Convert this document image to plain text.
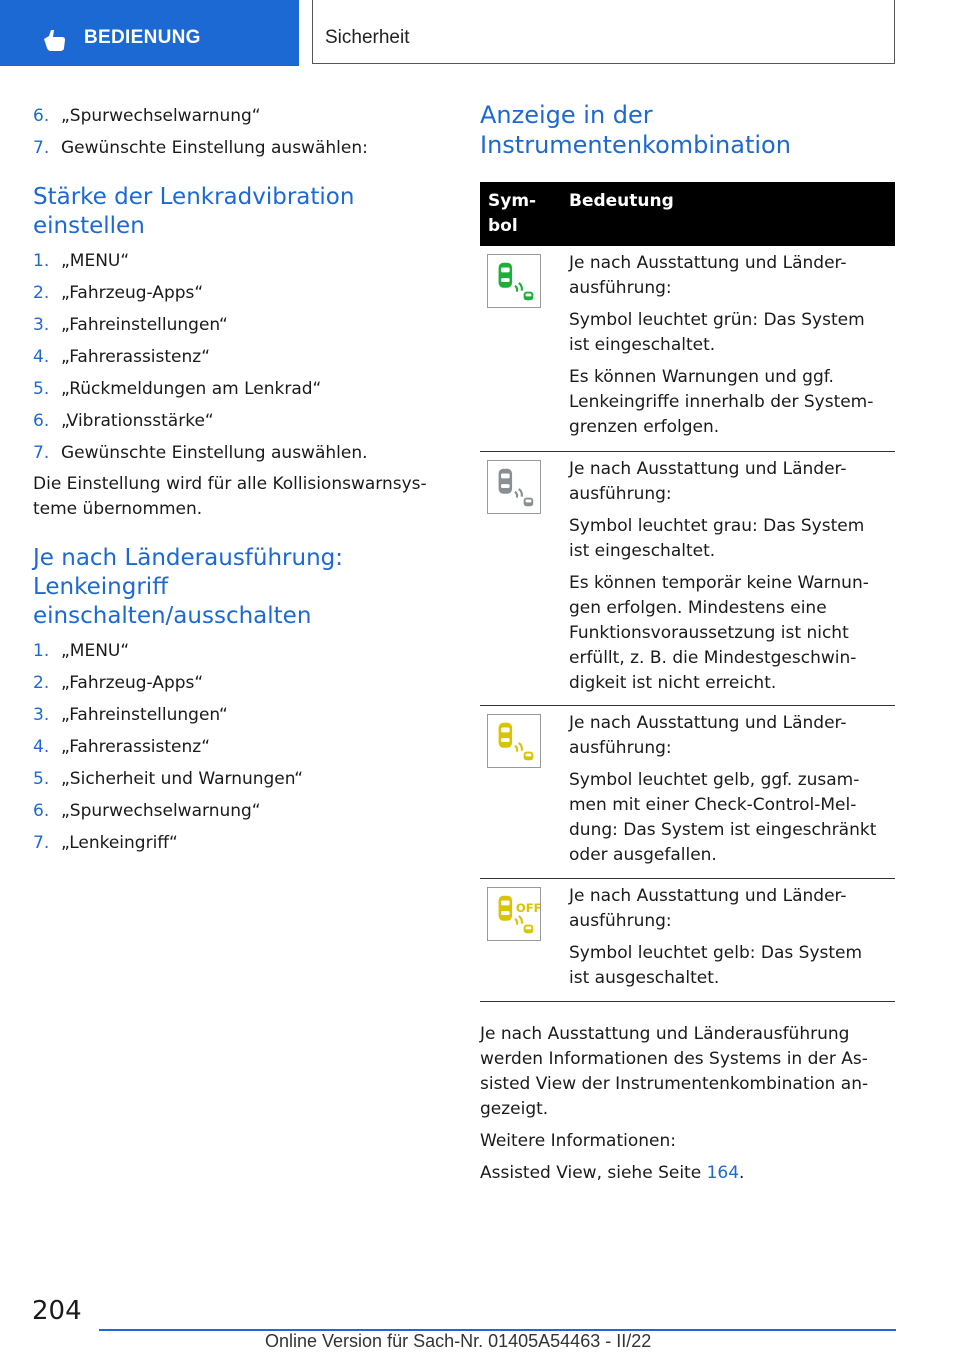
BEDIENUNG	Sicherheit
6. „Spurwechselwarnung“
7. Gewünschte Einstellung auswählen:
Stärke der Lenkradvibration einstellen
1. „MENU“
2. „Fahrzeug-Apps“
3. „Fahreinstellungen“
4. „Fahrerassistenz“
5. „Rückmeldungen am Lenkrad“
6. „Vibrationsstärke“
7. Gewünschte Einstellung auswählen.

Die Einstellung wird für alle Kollisionswarnsys-

teme übernommen.

Je nach Länderausführung:
Lenkeingriff einschalten/ausschalten
1. „MENU“
2. „Fahrzeug-Apps“
3. „Fahreinstellungen“
4. „Fahrerassistenz“
5. „Sicherheit und Warnungen“
6. „Spurwechselwarnung“
7. „Lenkeingriff“
Anzeige in der
Instrumentenkombination
Sym-
bol
Bedeutung

Je nach Ausstattung und Länder-
ausführung:

Symbol leuchtet grün: Das System
ist eingeschaltet.

Es können Warnungen und ggf.
Lenkeingriffe innerhalb der System-
grenzen erfolgen.

Je nach Ausstattung und Länder-
ausführung:

Symbol leuchtet grau: Das System
ist eingeschaltet.

Es können temporär keine Warnun-
gen erfolgen. Mindestens eine
Funktionsvoraussetzung ist nicht
erfüllt, z. B. die Mindestgeschwin-
digkeit ist nicht erreicht.

Je nach Ausstattung und Länder-
ausführung:

Symbol leuchtet gelb, ggf. zusam-
men mit einer Check-Control-Mel-
dung: Das System ist eingeschränkt
oder ausgefallen.

OFF

Je nach Ausstattung und Länder-
ausführung:

Symbol leuchtet gelb: Das System
ist ausgeschaltet.

Je nach Ausstattung und Länderausführung

werden Informationen des Systems in der As-

sisted View der Instrumentenkombination an-

gezeigt.

Weitere Informationen:

Assisted View, siehe Seite 164.

204
Online Version für Sach-Nr. 01405A54463 - II/22
